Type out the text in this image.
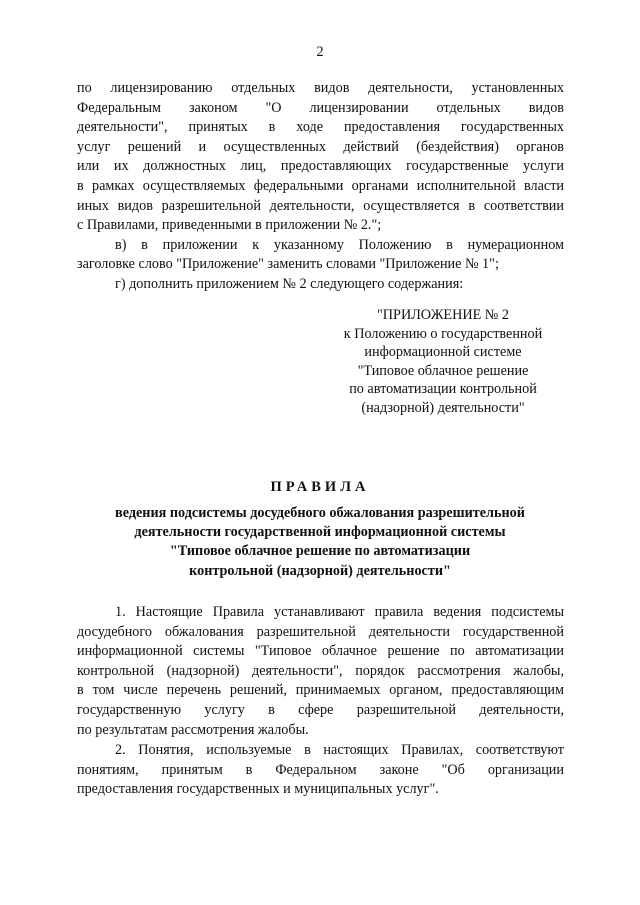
2
по лицензированию отдельных видов деятельности, установленных
Федеральным законом "О лицензировании отдельных видов
деятельности", принятых в ходе предоставления государственных
услуг решений и осуществленных действий (бездействия) органов
или их должностных лиц, предоставляющих государственные услуги
в рамках осуществляемых федеральными органами исполнительной власти
иных видов разрешительной деятельности, осуществляется в соответствии
с Правилами, приведенными в приложении № 2.";
в) в приложении к указанному Положению в нумерационном
заголовке слово "Приложение" заменить словами "Приложение № 1";
г) дополнить приложением № 2 следующего содержания:
"ПРИЛОЖЕНИЕ № 2
к Положению о государственной
информационной системе
"Типовое облачное решение
по автоматизации контрольной
(надзорной) деятельности"
ПРАВИЛА
ведения подсистемы досудебного обжалования разрешительной
деятельности государственной информационной системы
"Типовое облачное решение по автоматизации
контрольной (надзорной) деятельности"
1. Настоящие Правила устанавливают правила ведения подсистемы
досудебного обжалования разрешительной деятельности государственной
информационной системы "Типовое облачное решение по автоматизации
контрольной (надзорной) деятельности", порядок рассмотрения жалобы,
в том числе перечень решений, принимаемых органом, предоставляющим
государственную услугу в сфере разрешительной деятельности,
по результатам рассмотрения жалобы.
2. Понятия, используемые в настоящих Правилах, соответствуют
понятиям, принятым в Федеральном законе "Об организации
предоставления государственных и муниципальных услуг".
